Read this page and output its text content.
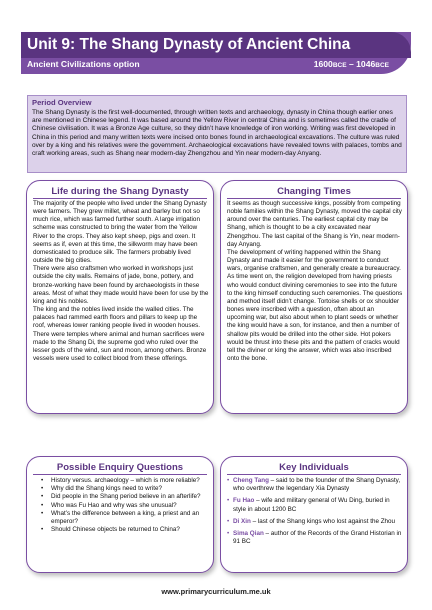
Unit 9: The Shang Dynasty of Ancient China
Ancient Civilizations option	1600BCE – 1046BCE
Period Overview

The Shang Dynasty is the first well-documented, through written texts and archaeology, dynasty in China though earlier ones are mentioned in Chinese legend. It was based around the Yellow River in central China and is sometimes called the cradle of Chinese civilisation. It was a Bronze Age culture, so they didn’t have knowledge of iron working. Writing was first developed in China in this period and many written texts were incised onto bones found in archaeological excavations. The culture was ruled over by a king and his relatives were the government. Archaeological excavations have revealed towns with palaces, tombs and craft working areas, such as Shang near modern-day Zhengzhou and Yin near modern-day Anyang.

Life during the Shang Dynasty

The majority of the people who lived under the Shang Dynasty were farmers. They grew millet, wheat and barley but not so much rice, which was farmed further south. A large irrigation scheme was constructed to bring the water from the Yellow River to the crops. They also kept sheep, pigs and oxen. It seems as if, even at this time, the silkworm may have been domesticated to produce silk. The farmers probably lived outside the big cities.

There were also craftsmen who worked in workshops just outside the city walls. Remains of jade, bone, pottery, and bronze-working have been found by archaeologists in these areas. Most of what they made would have been for use by the king and his nobles.

The king and the nobles lived inside the walled cities. The palaces had rammed earth floors and pillars to keep up the roof, whereas lower ranking people lived in wooden houses. There were temples where animal and human sacrifices were made to the Shang Di, the supreme god who ruled over the lesser gods of the wind, sun and moon, among others. Bronze vessels were used to collect blood from these offerings.

Changing Times

It seems as though successive kings, possibly from competing noble families within the Shang Dynasty, moved the capital city around over the centuries. The earliest capital city may be Shang, which is thought to be a city excavated near Zhengzhou. The last capital of the Shang is Yin, near modern-day Anyang.

The development of writing happened within the Shang Dynasty and made it easier for the government to conduct wars, organise craftsmen, and generally create a bureaucracy.

As time went on, the religion developed from having priests who would conduct divining ceremonies to see into the future to the king himself conducting such ceremonies. The questions and method itself didn’t change. Tortoise shells or ox shoulder bones were inscribed with a question, often about an upcoming war, but also about when to plant seeds or whether the king would have a son, for instance, and then a number of shallow pits would be drilled into the other side. Hot pokers would be thrust into these pits and the pattern of cracks would tell the diviner or king the answer, which was also inscribed onto the bone.

Possible Enquiry Questions
• History versus. archaeology – which is more reliable?
• Why did the Shang kings need to write?
• Did people in the Shang period believe in an afterlife?
• Who was Fu Hao and why was she unusual?
• What’s the difference between a king, a priest and an emperor?
• Should Chinese objects be returned to China?
Key Individuals
• Cheng Tang – said to be the founder of the Shang Dynasty, who overthrew the legendary Xia Dynasty
• Fu Hao – wife and military general of Wu Ding, buried in style in about 1200 BC
• Di Xin – last of the Shang kings who lost against the Zhou
• Sima Qian – author of the Records of the Grand Historian in 91 BC
www.primarycurriculum.me.uk
